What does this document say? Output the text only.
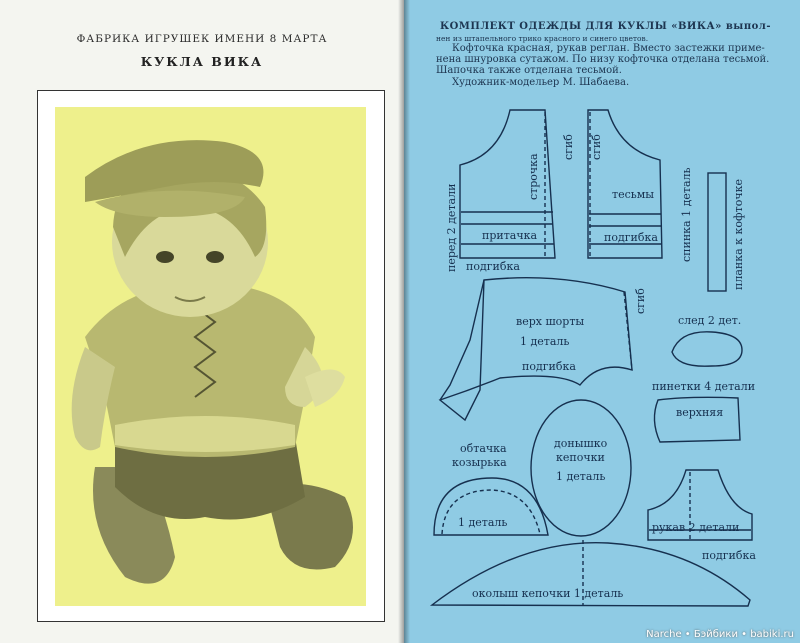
ФАБРИКА ИГРУШЕК ИМЕНИ 8 МАРТА
КУКЛА ВИКА
КОМПЛЕКТ ОДЕЖДЫ ДЛЯ КУКЛЫ «ВИКА» выпол-
нен из штапельного трико красного и синего цветов.
Кофточка красная, рукав реглан. Вместо застежки приме-
нена шнуровка сутажом. По низу кофточка отделана тесьмой.
Шапочка также отделана тесьмой.
Художник-модельер М. Шабаева.
перед 2 детали
строчка
сгиб
притачка
подгибка
сгиб
тесьмы
подгибка спинка 1 деталь	планка к кофточке
верх шорты
1 деталь
подгибка
сгиб
след 2 дет.
пинетки 4 детали
верхняя
обтачка
козырька
1 деталь
донышко
кепочки
1 деталь
рукав 2 детали
подгибка
околыш кепочки 1 деталь
Narche • Бэйбики • babiki.ru
